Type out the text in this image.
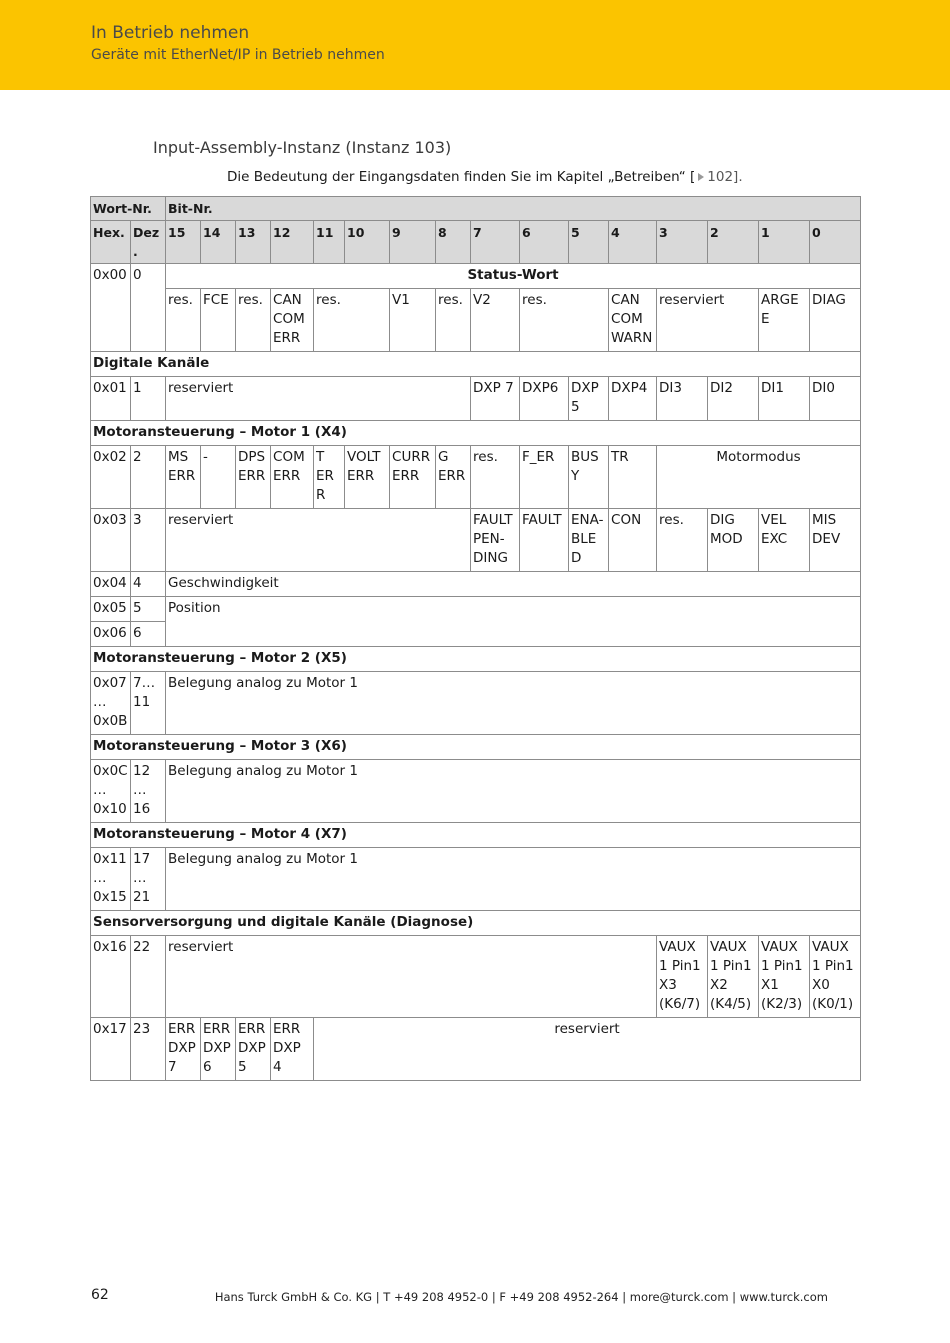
In Betrieb nehmen
Geräte mit EtherNet/IP in Betrieb nehmen
Input-Assembly-Instanz (Instanz 103)
Die Bedeutung der Eingangsdaten finden Sie im Kapitel „Betreiben“ [ 102].
Wort-Nr.		Bit-Nr.															
Hex.	Dez.	15	14	13	12	11	10	9	8	7	6	5	4	3	2	1	0
0x00	0	Status-Wort															
		res.	FCE	res.	CAN COM ERR	res.		V1	res.	V2	res.		CAN COM WARN	reserviert		ARGEE	DIAG
Digitale Kanäle																	
0x01	1	reserviert								DXP 7	DXP6	DXP 5	DXP4	DI3	DI2	DI1	DI0
Motoransteuerung – Motor 1 (X4)																	
0x02	2	MS ERR	-	DPS ERR	COM ERR	T ERR	VOLT ERR	CURR ERR	G ERR	res.	F_ER	BUSY	TR	Motormodus			
0x03	3	reserviert								FAULT PEN-DING	FAULT	ENA-BLED	CON	res.	DIG MOD	VEL EXC	MIS DEV
0x04	4	Geschwindigkeit															
0x05	5	Position															
0x06	6																
Motoransteuerung – Motor 2 (X5)																	
0x07 … 0x0B	7… 11	Belegung analog zu Motor 1															
Motoransteuerung – Motor 3 (X6)																	
0x0C … 0x10	12 … 16	Belegung analog zu Motor 1															
Motoransteuerung – Motor 4 (X7)																	
0x11 … 0x15	17 … 21	Belegung analog zu Motor 1															
Sensorversorgung und digitale Kanäle (Diagnose)																	
0x16	22	reserviert												VAUX 1 Pin1 X3 (K6/7)	VAUX 1 Pin1 X2 (K4/5)	VAUX 1 Pin1 X1 (K2/3)	VAUX 1 Pin1 X0 (K0/1)
0x17	23	ERR DXP 7	ERR DXP 6	ERR DXP 5	ERR DXP 4	reserviert											
62	Hans Turck GmbH & Co. KG | T +49 208 4952-0 | F +49 208 4952-264 | more@turck.com | www.turck.com
